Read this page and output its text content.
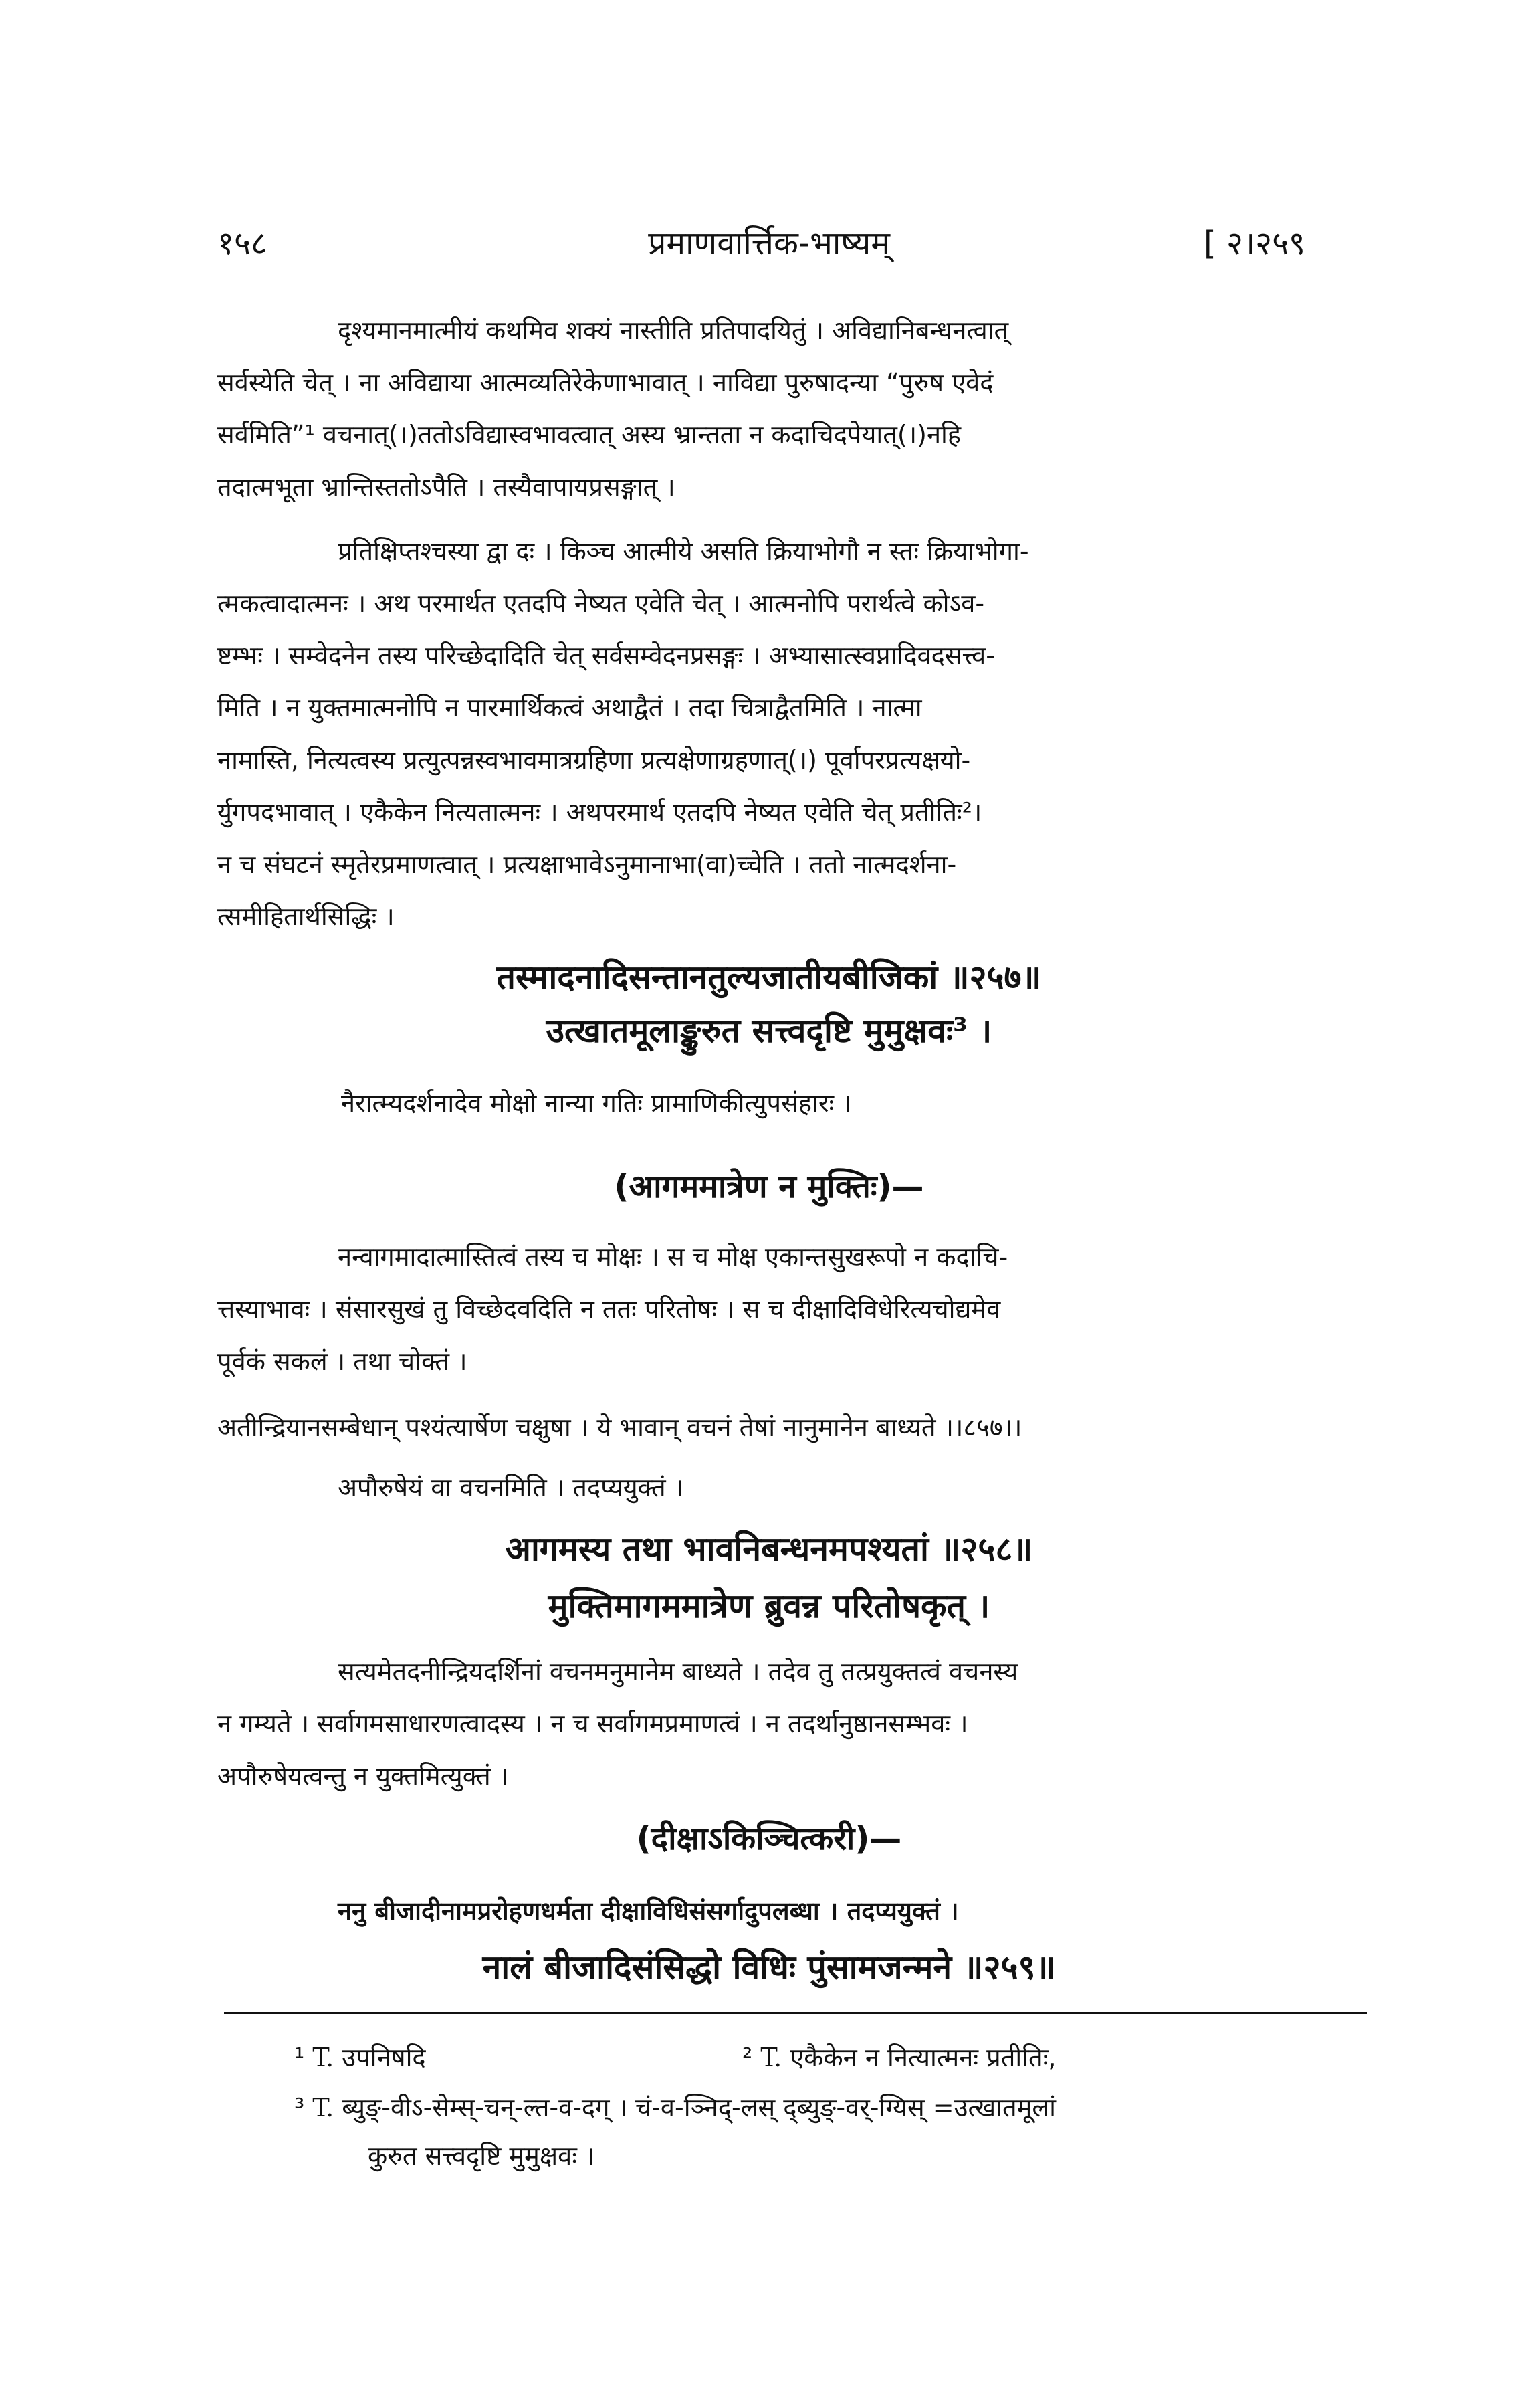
१५८	प्रमाणवार्त्तिक-भाष्यम्	[ २।२५९

दृश्यमानमात्मीयं कथमिव शक्यं नास्तीति प्रतिपादयितुं । अविद्यानिबन्धनत्वात्

सर्वस्येति चेत् । ना अविद्याया आत्मव्यतिरेकेणाभावात् । नाविद्या पुरुषादन्या “पुरुष एवेदं

सर्वमिति”¹ वचनात्(।)ततोऽविद्यास्वभावत्वात् अस्य भ्रान्तता न कदाचिदपेयात्(।)नहि

तदात्मभूता भ्रान्तिस्ततोऽपैति । तस्यैवापायप्रसङ्गात् ।

प्रतिक्षिप्तश्चस्या द्वा दः । किञ्च आत्मीये असति क्रियाभोगौ न स्तः क्रियाभोगा-

त्मकत्वादात्मनः । अथ परमार्थत एतदपि नेष्यत एवेति चेत् । आत्मनोपि परार्थत्वे कोऽव-

ष्टम्भः । सम्वेदनेन तस्य परिच्छेदादिति चेत् सर्वसम्वेदनप्रसङ्गः । अभ्यासात्स्वप्नादिवदसत्त्व-

मिति । न युक्तमात्मनोपि न पारमार्थिकत्वं अथाद्वैतं । तदा चित्राद्वैतमिति । नात्मा

नामास्ति, नित्यत्वस्य प्रत्युत्पन्नस्वभावमात्रग्रहिणा प्रत्यक्षेणाग्रहणात्(।) पूर्वापरप्रत्यक्षयो-

र्युगपदभावात् । एकैकेन नित्यतात्मनः । अथपरमार्थ एतदपि नेष्यत एवेति चेत् प्रतीतिः²।

न च संघटनं स्मृतेरप्रमाणत्वात् । प्रत्यक्षाभावेऽनुमानाभा(वा)च्चेति । ततो नात्मदर्शना-

त्समीहितार्थसिद्धिः ।

तस्मादनादिसन्तानतुल्यजातीयबीजिकां ॥२५७॥
उत्खातमूलाङ्कुरुत सत्त्वदृष्टि मुमुक्षवः³ ।

नैरात्म्यदर्शनादेव मोक्षो नान्या गतिः प्रामाणिकीत्युपसंहारः ।

(आगममात्रेण न मुक्तिः)—

नन्वागमादात्मास्तित्वं तस्य च मोक्षः । स च मोक्ष एकान्तसुखरूपो न कदाचि-

त्तस्याभावः । संसारसुखं तु विच्छेदवदिति न ततः परितोषः । स च दीक्षादिविधेरित्यचोद्यमेव

पूर्वकं सकलं । तथा चोक्तं ।

अतीन्द्रियानसम्बेधान् पश्यंत्यार्षेण चक्षुषा । ये भावान् वचनं तेषां नानुमानेन बाध्यते ।।८५७।।

अपौरुषेयं वा वचनमिति । तदप्ययुक्तं ।

आगमस्य तथा भावनिबन्धनमपश्यतां ॥२५८॥
मुक्तिमागममात्रेण ब्रुवन्न परितोषकृत् ।

सत्यमेतदनीन्द्रियदर्शिनां वचनमनुमानेम बाध्यते । तदेव तु तत्प्रयुक्तत्वं वचनस्य

न गम्यते । सर्वागमसाधारणत्वादस्य । न च सर्वागमप्रमाणत्वं । न तदर्थानुष्ठानसम्भवः ।

अपौरुषेयत्वन्तु न युक्तमित्युक्तं ।

(दीक्षाऽकिञ्चित्करी)—

ननु बीजादीनामप्ररोहणधर्मता दीक्षाविधिसंसर्गादुपलब्धा । तदप्ययुक्तं ।

नालं बीजादिसंसिद्धो विधिः पुंसामजन्मने ॥२५९॥

¹ T. उपनिषदि	² T. एकैकेन न नित्यात्मनः प्रतीतिः,

³ T. ब्युङ्-वीऽ-सेम्स्-चन्-ल्त-व-दग् । चं-व-ञ्निद्-लस् द्ब्युङ्-वर्-ग्यिस् =उत्खातमूलां

कुरुत सत्त्वदृष्टि मुमुक्षवः ।
